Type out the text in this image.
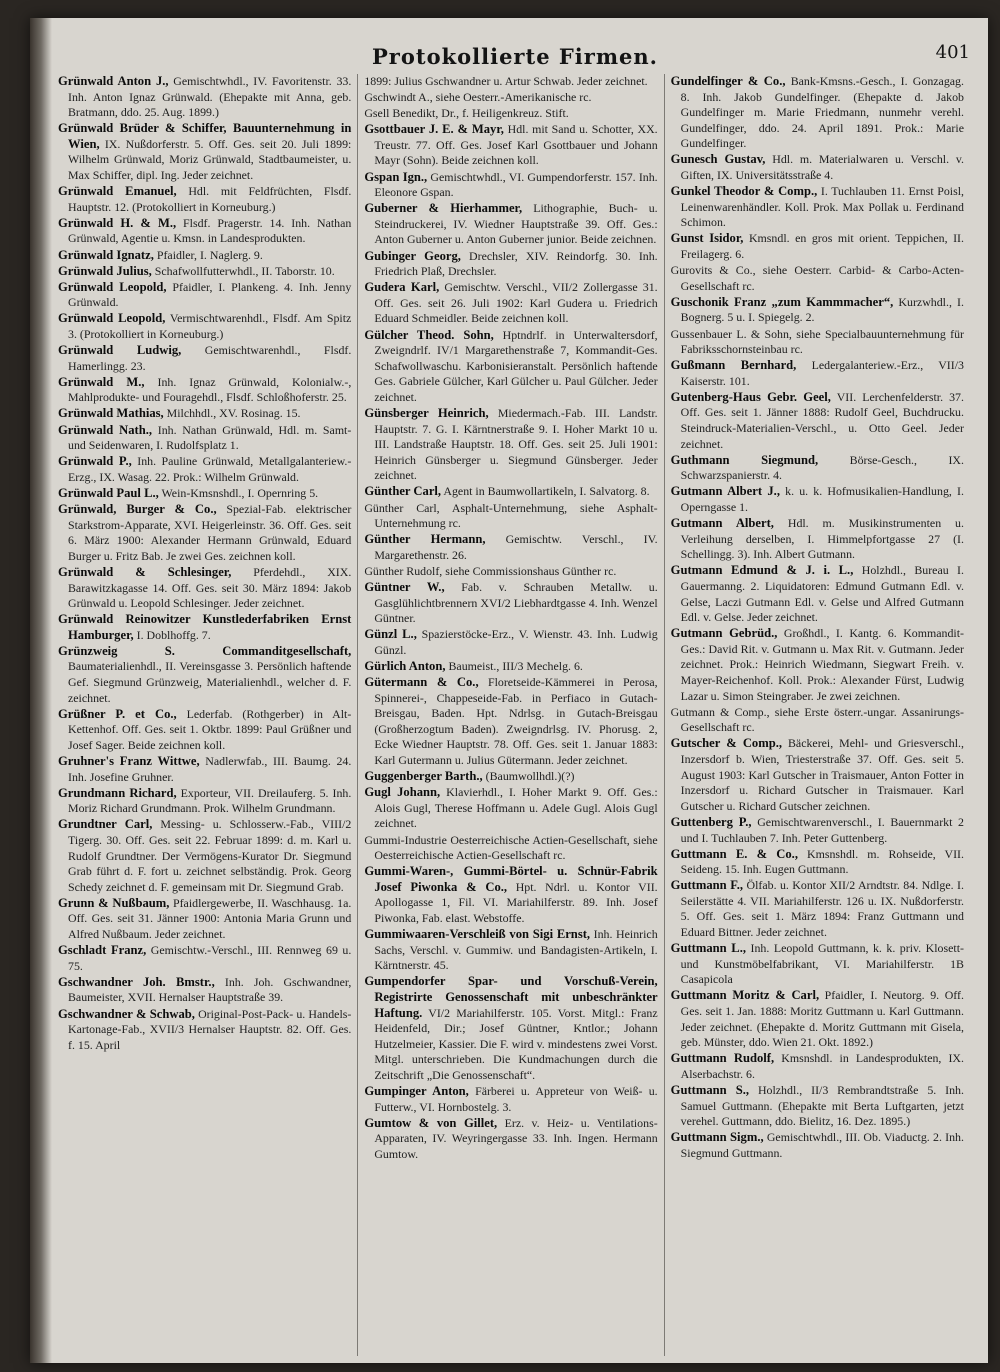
Protokollierte Firmen.	401

Grünwald Anton J., Gemischtwhdl., IV. Favoritenstr. 33. Inh. Anton Ignaz Grünwald. (Ehepakte mit Anna, geb. Bratmann, ddo. 25. Aug. 1899.)

Grünwald Brüder & Schiffer, Bauunternehmung in Wien, IX. Nußdorferstr. 5. Off. Ges. seit 20. Juli 1899: Wilhelm Grünwald, Moriz Grünwald, Stadtbaumeister, u. Max Schiffer, dipl. Ing. Jeder zeichnet.

Grünwald Emanuel, Hdl. mit Feldfrüchten, Flsdf. Hauptstr. 12. (Protokolliert in Korneuburg.)

Grünwald H. & M., Flsdf. Pragerstr. 14. Inh. Nathan Grünwald, Agentie u. Kmsn. in Landesprodukten.

Grünwald Ignatz, Pfaidler, I. Naglerg. 9.

Grünwald Julius, Schafwollfutterwhdl., II. Taborstr. 10.

Grünwald Leopold, Pfaidler, I. Plankeng. 4. Inh. Jenny Grünwald.

Grünwald Leopold, Vermischtwarenhdl., Flsdf. Am Spitz 3. (Protokolliert in Korneuburg.)

Grünwald Ludwig, Gemischtwarenhdl., Flsdf. Hamerlingg. 23.

Grünwald M., Inh. Ignaz Grünwald, Kolonialw.-, Mahlprodukte- und Fouragehdl., Flsdf. Schloßhoferstr. 25.

Grünwald Mathias, Milchhdl., XV. Rosinag. 15.

Grünwald Nath., Inh. Nathan Grünwald, Hdl. m. Samt- und Seidenwaren, I. Rudolfsplatz 1.

Grünwald P., Inh. Pauline Grünwald, Metallgalanteriew.-Erzg., IX. Wasag. 22. Prok.: Wilhelm Grünwald.

Grünwald Paul L., Wein-Kmsnshdl., I. Opernring 5.

Grünwald, Burger & Co., Spezial-Fab. elektrischer Starkstrom-Apparate, XVI. Heigerleinstr. 36. Off. Ges. seit 6. März 1900: Alexander Hermann Grünwald, Eduard Burger u. Fritz Bab. Je zwei Ges. zeichnen koll.

Grünwald & Schlesinger, Pferdehdl., XIX. Barawitzkagasse 14. Off. Ges. seit 30. März 1894: Jakob Grünwald u. Leopold Schlesinger. Jeder zeichnet.

Grünwald Reinowitzer Kunstlederfabriken Ernst Hamburger, I. Doblhoffg. 7.

Grünzweig S. Commanditgesellschaft, Baumaterialienhdl., II. Vereinsgasse 3. Persönlich haftende Gef. Siegmund Grünzweig, Materialienhdl., welcher d. F. zeichnet.

Grüßner P. et Co., Lederfab. (Rothgerber) in Alt-Kettenhof. Off. Ges. seit 1. Oktbr. 1899: Paul Grüßner und Josef Sager. Beide zeichnen koll.

Gruhner's Franz Wittwe, Nadlerwfab., III. Baumg. 24. Inh. Josefine Gruhner.

Grundmann Richard, Exporteur, VII. Dreilauferg. 5. Inh. Moriz Richard Grundmann. Prok. Wilhelm Grundmann.

Grundtner Carl, Messing- u. Schlosserw.-Fab., VIII/2 Tigerg. 30. Off. Ges. seit 22. Februar 1899: d. m. Karl u. Rudolf Grundtner. Der Vermögens-Kurator Dr. Siegmund Grab führt d. F. fort u. zeichnet selbständig. Prok. Georg Schedy zeichnet d. F. gemeinsam mit Dr. Siegmund Grab.

Grunn & Nußbaum, Pfaidlergewerbe, II. Waschhausg. 1a. Off. Ges. seit 31. Jänner 1900: Antonia Maria Grunn und Alfred Nußbaum. Jeder zeichnet.

Gschladt Franz, Gemischtw.-Verschl., III. Rennweg 69 u. 75.

Gschwandner Joh. Bmstr., Inh. Joh. Gschwandner, Baumeister, XVII. Hernalser Hauptstraße 39.

Gschwandner & Schwab, Original-Post-Pack- u. Handels-Kartonage-Fab., XVII/3 Hernalser Hauptstr. 82. Off. Ges. f. 15. April

1899: Julius Gschwandner u. Artur Schwab. Jeder zeichnet.

Gschwindt A., siehe Oesterr.-Amerikanische rc.

Gsell Benedikt, Dr., f. Heiligenkreuz. Stift.

Gsottbauer J. E. & Mayr, Hdl. mit Sand u. Schotter, XX. Treustr. 77. Off. Ges. Josef Karl Gsottbauer und Johann Mayr (Sohn). Beide zeichnen koll.

Gspan Ign., Gemischtwhdl., VI. Gumpendorferstr. 157. Inh. Eleonore Gspan.

Guberner & Hierhammer, Lithographie, Buch- u. Steindruckerei, IV. Wiedner Hauptstraße 39. Off. Ges.: Anton Guberner u. Anton Guberner junior. Beide zeichnen.

Gubinger Georg, Drechsler, XIV. Reindorfg. 30. Inh. Friedrich Plaß, Drechsler.

Gudera Karl, Gemischtw. Verschl., VII/2 Zollergasse 31. Off. Ges. seit 26. Juli 1902: Karl Gudera u. Friedrich Eduard Schmeidler. Beide zeichnen koll.

Gülcher Theod. Sohn, Hptndrlf. in Unterwaltersdorf, Zweigndrlf. IV/1 Margarethenstraße 7, Kommandit-Ges. Schafwollwaschu. Karbonisieranstalt. Persönlich haftende Ges. Gabriele Gülcher, Karl Gülcher u. Paul Gülcher. Jeder zeichnet.

Günsberger Heinrich, Miedermach.-Fab. III. Landstr. Hauptstr. 7. G. I. Kärntnerstraße 9. I. Hoher Markt 10 u. III. Landstraße Hauptstr. 18. Off. Ges. seit 25. Juli 1901: Heinrich Günsberger u. Siegmund Günsberger. Jeder zeichnet.

Günther Carl, Agent in Baumwollartikeln, I. Salvatorg. 8.

Günther Carl, Asphalt-Unternehmung, siehe Asphalt-Unternehmung rc.

Günther Hermann, Gemischtw. Verschl., IV. Margarethenstr. 26.

Günther Rudolf, siehe Commissionshaus Günther rc.

Güntner W., Fab. v. Schrauben Metallw. u. Gasglühlichtbrennern XVI/2 Liebhardtgasse 4. Inh. Wenzel Güntner.

Günzl L., Spazierstöcke-Erz., V. Wienstr. 43. Inh. Ludwig Günzl.

Gürlich Anton, Baumeist., III/3 Mechelg. 6.

Gütermann & Co., Floretseide-Kämmerei in Perosa, Spinnerei-, Chappeseide-Fab. in Perfiaco in Gutach-Breisgau, Baden. Hpt. Ndrlsg. in Gutach-Breisgau (Großherzogtum Baden). Zweigndrlsg. IV. Phorusg. 2, Ecke Wiedner Hauptstr. 78. Off. Ges. seit 1. Januar 1883: Karl Gutermann u. Julius Gütermann. Jeder zeichnet.

Guggenberger Barth., (Baumwollhdl.)(?)

Gugl Johann, Klavierhdl., I. Hoher Markt 9. Off. Ges.: Alois Gugl, Therese Hoffmann u. Adele Gugl. Alois Gugl zeichnet.

Gummi-Industrie Oesterreichische Actien-Gesellschaft, siehe Oesterreichische Actien-Gesellschaft rc.

Gummi-Waren-, Gummi-Börtel- u. Schnür-Fabrik Josef Piwonka & Co., Hpt. Ndrl. u. Kontor VII. Apollogasse 1, Fil. VI. Mariahilferstr. 89. Inh. Josef Piwonka, Fab. elast. Webstoffe.

Gummiwaaren-Verschleiß von Sigi Ernst, Inh. Heinrich Sachs, Verschl. v. Gummiw. und Bandagisten-Artikeln, I. Kärntnerstr. 45.

Gumpendorfer Spar- und Vorschuß-Verein, Registrirte Genossenschaft mit unbeschränkter Haftung. VI/2 Mariahilferstr. 105. Vorst. Mitgl.: Franz Heidenfeld, Dir.; Josef Güntner, Kntlor.; Johann Hutzelmeier, Kassier. Die F. wird v. mindestens zwei Vorst. Mitgl. unterschrieben. Die Kundmachungen durch die Zeitschrift „Die Genossenschaft“.

Gumpinger Anton, Färberei u. Appreteur von Weiß- u. Futterw., VI. Hornbostelg. 3.

Gumtow & von Gillet, Erz. v. Heiz- u. Ventilations-Apparaten, IV. Weyringergasse 33. Inh. Ingen. Hermann Gumtow.

Gundelfinger & Co., Bank-Kmsns.-Gesch., I. Gonzagag. 8. Inh. Jakob Gundelfinger. (Ehepakte d. Jakob Gundelfinger m. Marie Friedmann, nunmehr verehl. Gundelfinger, ddo. 24. April 1891. Prok.: Marie Gundelfinger.

Gunesch Gustav, Hdl. m. Materialwaren u. Verschl. v. Giften, IX. Universitätsstraße 4.

Gunkel Theodor & Comp., I. Tuchlauben 11. Ernst Poisl, Leinenwarenhändler. Koll. Prok. Max Pollak u. Ferdinand Schimon.

Gunst Isidor, Kmsndl. en gros mit orient. Teppichen, II. Freilagerg. 6.

Gurovits & Co., siehe Oesterr. Carbid- & Carbo-Acten-Gesellschaft rc.

Guschonik Franz „zum Kammmacher“, Kurzwhdl., I. Bognerg. 5 u. I. Spiegelg. 2.

Gussenbauer L. & Sohn, siehe Specialbauunternehmung für Fabriksschornsteinbau rc.

Gußmann Bernhard, Ledergalanteriew.-Erz., VII/3 Kaiserstr. 101.

Gutenberg-Haus Gebr. Geel, VII. Lerchenfelderstr. 37. Off. Ges. seit 1. Jänner 1888: Rudolf Geel, Buchdrucku. Steindruck-Materialien-Verschl., u. Otto Geel. Jeder zeichnet.

Guthmann Siegmund, Börse-Gesch., IX. Schwarzspanierstr. 4.

Gutmann Albert J., k. u. k. Hofmusikalien-Handlung, I. Operngasse 1.

Gutmann Albert, Hdl. m. Musikinstrumenten u. Verleihung derselben, I. Himmelpfortgasse 27 (I. Schellingg. 3). Inh. Albert Gutmann.

Gutmann Edmund & J. i. L., Holzhdl., Bureau I. Gauermanng. 2. Liquidatoren: Edmund Gutmann Edl. v. Gelse, Laczi Gutmann Edl. v. Gelse und Alfred Gutmann Edl. v. Gelse. Jeder zeichnet.

Gutmann Gebrüd., Großhdl., I. Kantg. 6. Kommandit-Ges.: David Rit. v. Gutmann u. Max Rit. v. Gutmann. Jeder zeichnet. Prok.: Heinrich Wiedmann, Siegwart Freih. v. Mayer-Reichenhof. Koll. Prok.: Alexander Fürst, Ludwig Lazar u. Simon Steingraber. Je zwei zeichnen.

Gutmann & Comp., siehe Erste österr.-ungar. Assanirungs-Gesellschaft rc.

Gutscher & Comp., Bäckerei, Mehl- und Griesverschl., Inzersdorf b. Wien, Triesterstraße 37. Off. Ges. seit 5. August 1903: Karl Gutscher in Traismauer, Anton Fotter in Inzersdorf u. Richard Gutscher in Traismauer. Karl Gutscher u. Richard Gutscher zeichnen.

Guttenberg P., Gemischtwarenverschl., I. Bauernmarkt 2 und I. Tuchlauben 7. Inh. Peter Guttenberg.

Guttmann E. & Co., Kmsnshdl. m. Rohseide, VII. Seideng. 15. Inh. Eugen Guttmann.

Guttmann F., Ölfab. u. Kontor XII/2 Arndtstr. 84. Ndlge. I. Seilerstätte 4. VII. Mariahilferstr. 126 u. IX. Nußdorferstr. 5. Off. Ges. seit 1. März 1894: Franz Guttmann und Eduard Bittner. Jeder zeichnet.

Guttmann L., Inh. Leopold Guttmann, k. k. priv. Klosett- und Kunstmöbelfabrikant, VI. Mariahilferstr. 1B Casapicola

Guttmann Moritz & Carl, Pfaidler, I. Neutorg. 9. Off. Ges. seit 1. Jan. 1888: Moritz Guttmann u. Karl Guttmann. Jeder zeichnet. (Ehepakte d. Moritz Guttmann mit Gisela, geb. Münster, ddo. Wien 21. Okt. 1892.)

Guttmann Rudolf, Kmsnshdl. in Landesprodukten, IX. Alserbachstr. 6.

Guttmann S., Holzhdl., II/3 Rembrandtstraße 5. Inh. Samuel Guttmann. (Ehepakte mit Berta Luftgarten, jetzt verehel. Guttmann, ddo. Bielitz, 16. Dez. 1895.)

Guttmann Sigm., Gemischtwhdl., III. Ob. Viaductg. 2. Inh. Siegmund Guttmann.
